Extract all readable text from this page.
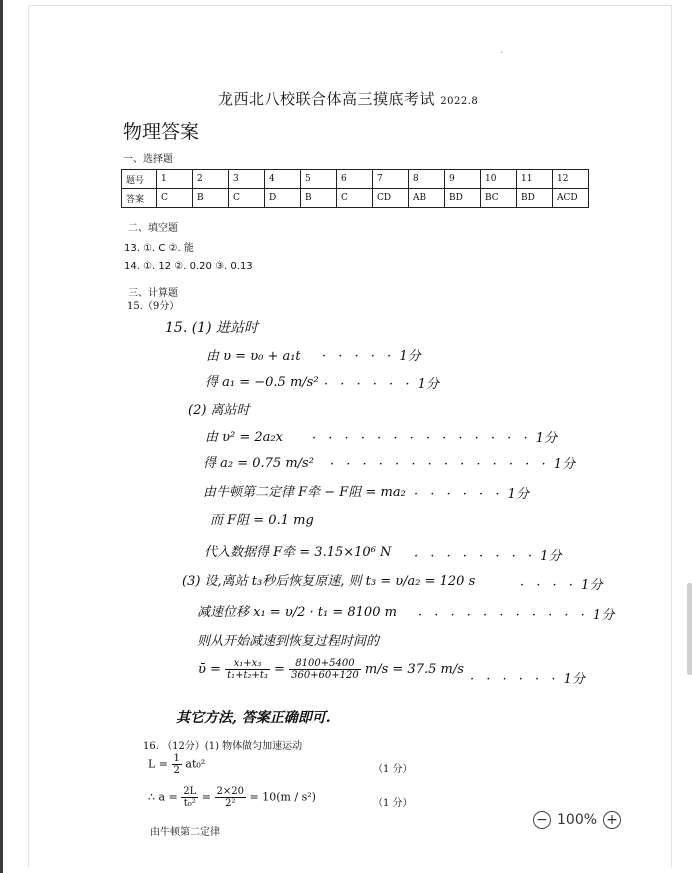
·
龙西北八校联合体高三摸底考试 2022.8
物理答案
一、选择题
题号	1	2	3	4	5	6	7	8	9	10	11	12
答案	C	B	C	D	B	C	CD	AB	BD	BC	BD	ACD
二、填空题
13. ①. C ②. 能
14. ①. 12 ②. 0.20 ③. 0.13
三、计算题
15.（9分）
15. (1) 进站时
由 υ = υ₀ + a₁t · · · · · 1分
得 a₁ = −0.5 m/s² · · · · · · 1分
(2) 离站时
由 υ² = 2a₂x · · · · · · · · · · · · · · 1分
得 a₂ = 0.75 m/s² · · · · · · · · · · · · · · 1分
由牛顿第二定律 F牵 − F阻 = ma₂ · · · · · · 1分
而 F阻 = 0.1 mg
代入数据得 F牵 = 3.15×10⁶ N · · · · · · · · 1分
(3) 设,离站 t₃秒后恢复原速, 则 t₃ = υ/a₂ = 120 s	· · · · 1分
减速位移 x₁ = υ/2 · t₁ = 8100 m · · · · · · · · · · · 1分
则从开始减速到恢复过程时间的
ῡ = $\frac{\text{x₁+x₃}}{\text{t₁+t₂+t₃}} = \frac{8100+5400}{360+60+120} m/s = 37.5$ m/s
· · · · · · 1分
其它方法, 答案正确即可.
16. （12分）(1) 物体做匀加速运动
$L = \frac{1}{2} at_0^2$	（1 分）
∴ $a = \frac{2L}{\text{t₀²}} = \frac{2\times 20}{\text{2²}} = 10(m / s^2)$	（1 分）
由牛顿第二定律
− 100% +
